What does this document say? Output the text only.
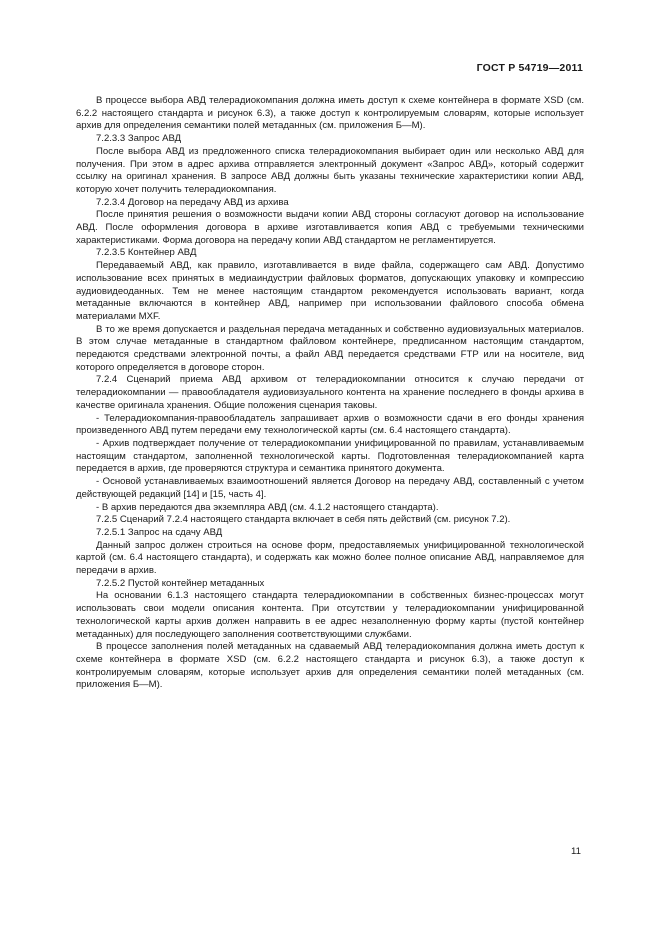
ГОСТ Р 54719—2011

В процессе выбора АВД телерадиокомпания должна иметь доступ к схеме контейнера в формате XSD (см. 6.2.2 настоящего стандарта и рисунок 6.3), а также доступ к контролируемым словарям, которые использует архив для определения семантики полей метаданных (см. приложения Б—М).

7.2.3.3 Запрос АВД

После выбора АВД из предложенного списка телерадиокомпания выбирает один или несколько АВД для получения. При этом в адрес архива отправляется электронный документ «Запрос АВД», который содержит ссылку на оригинал хранения. В запросе АВД должны быть указаны технические характеристики копии АВД, которую хочет получить телерадиокомпания.

7.2.3.4 Договор на передачу АВД из архива

После принятия решения о возможности выдачи копии АВД стороны согласуют договор на использование АВД. После оформления договора в архиве изготавливается копия АВД с требуемыми техническими характеристиками. Форма договора на передачу копии АВД стандартом не регламентируется.

7.2.3.5 Контейнер АВД

Передаваемый АВД, как правило, изготавливается в виде файла, содержащего сам АВД. Допустимо использование всех принятых в медиаиндустрии файловых форматов, допускающих упаковку и компрессию аудиовидеоданных. Тем не менее настоящим стандартом рекомендуется использовать вариант, когда метаданные включаются в контейнер АВД, например при использовании файлового способа обмена материалами MXF.

В то же время допускается и раздельная передача метаданных и собственно аудиовизуальных материалов. В этом случае метаданные в стандартном файловом контейнере, предписанном настоящим стандартом, передаются средствами электронной почты, а файл АВД передается средствами FTP или на носителе, вид которого определяется в договоре сторон.

7.2.4 Сценарий приема АВД архивом от телерадиокомпании относится к случаю передачи от телерадиокомпании — правообладателя аудиовизуального контента на хранение последнего в фонды архива в качестве оригинала хранения. Общие положения сценария таковы.

- Телерадиокомпания-правообладатель запрашивает архив о возможности сдачи в его фонды хранения произведенного АВД путем передачи ему технологической карты (см. 6.4 настоящего стандарта).

- Архив подтверждает получение от телерадиокомпании унифицированной по правилам, устанавливаемым настоящим стандартом, заполненной технологической карты. Подготовленная телерадиокомпанией карта передается в архив, где проверяются структура и семантика принятого документа.

- Основой устанавливаемых взаимоотношений является Договор на передачу АВД, составленный с учетом действующей редакций [14] и [15, часть 4].

- В архив передаются два экземпляра АВД (см. 4.1.2 настоящего стандарта).

7.2.5 Сценарий 7.2.4 настоящего стандарта включает в себя пять действий (см. рисунок 7.2).

7.2.5.1 Запрос на сдачу АВД

Данный запрос должен строиться на основе форм, предоставляемых унифицированной технологической картой (см. 6.4 настоящего стандарта), и содержать как можно более полное описание АВД, направляемое для передачи в архив.

7.2.5.2 Пустой контейнер метаданных

На основании 6.1.3 настоящего стандарта телерадиокомпании в собственных бизнес-процессах могут использовать свои модели описания контента. При отсутствии у телерадиокомпании унифицированной технологической карты архив должен направить в ее адрес незаполненную форму карты (пустой контейнер метаданных) для последующего заполнения соответствующими службами.

В процессе заполнения полей метаданных на сдаваемый АВД телерадиокомпания должна иметь доступ к схеме контейнера в формате XSD (см. 6.2.2 настоящего стандарта и рисунок 6.3), а также доступ к контролируемым словарям, которые использует архив для определения семантики полей метаданных (см. приложения Б—М).

11
